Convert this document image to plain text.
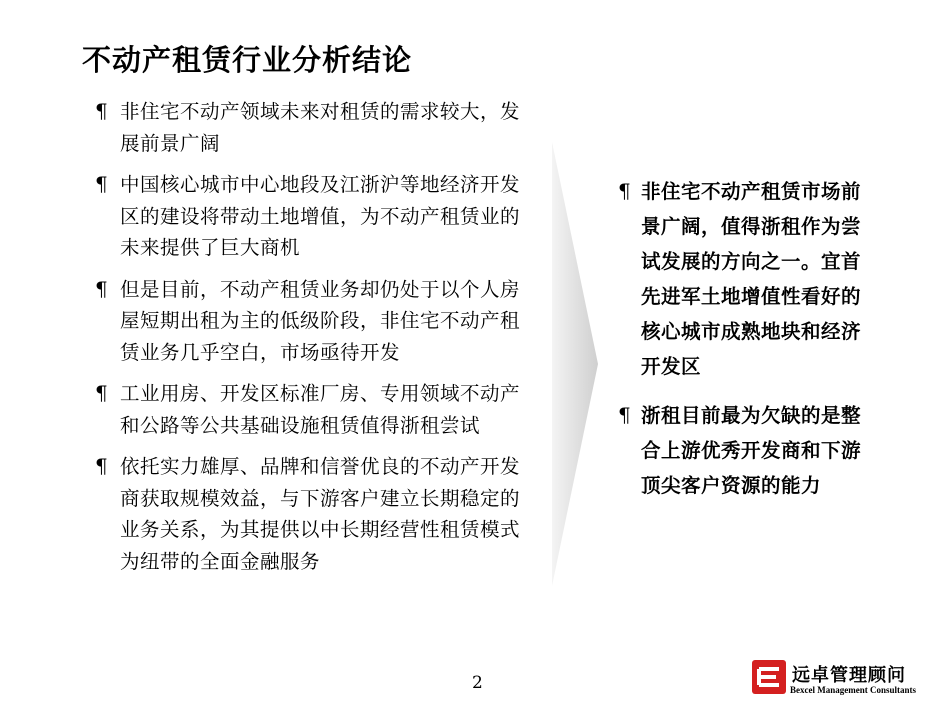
不动产租赁行业分析结论
¶ 非住宅不动产领域未来对租赁的需求较大，发展前景广阔
¶ 中国核心城市中心地段及江浙沪等地经济开发区的建设将带动土地增值，为不动产租赁业的未来提供了巨大商机
¶ 但是目前，不动产租赁业务却仍处于以个人房屋短期出租为主的低级阶段，非住宅不动产租赁业务几乎空白，市场亟待开发
¶ 工业用房、开发区标准厂房、专用领域不动产和公路等公共基础设施租赁值得浙租尝试
¶ 依托实力雄厚、品牌和信誉优良的不动产开发商获取规模效益，与下游客户建立长期稳定的业务关系，为其提供以中长期经营性租赁模式为纽带的全面金融服务
¶ 非住宅不动产租赁市场前景广阔，值得浙租作为尝试发展的方向之一。宜首先进军土地增值性看好的核心城市成熟地块和经济开发区
¶ 浙租目前最为欠缺的是整合上游优秀开发商和下游顶尖客户资源的能力
2	远卓管理顾问
Bexcel Management Consultants
